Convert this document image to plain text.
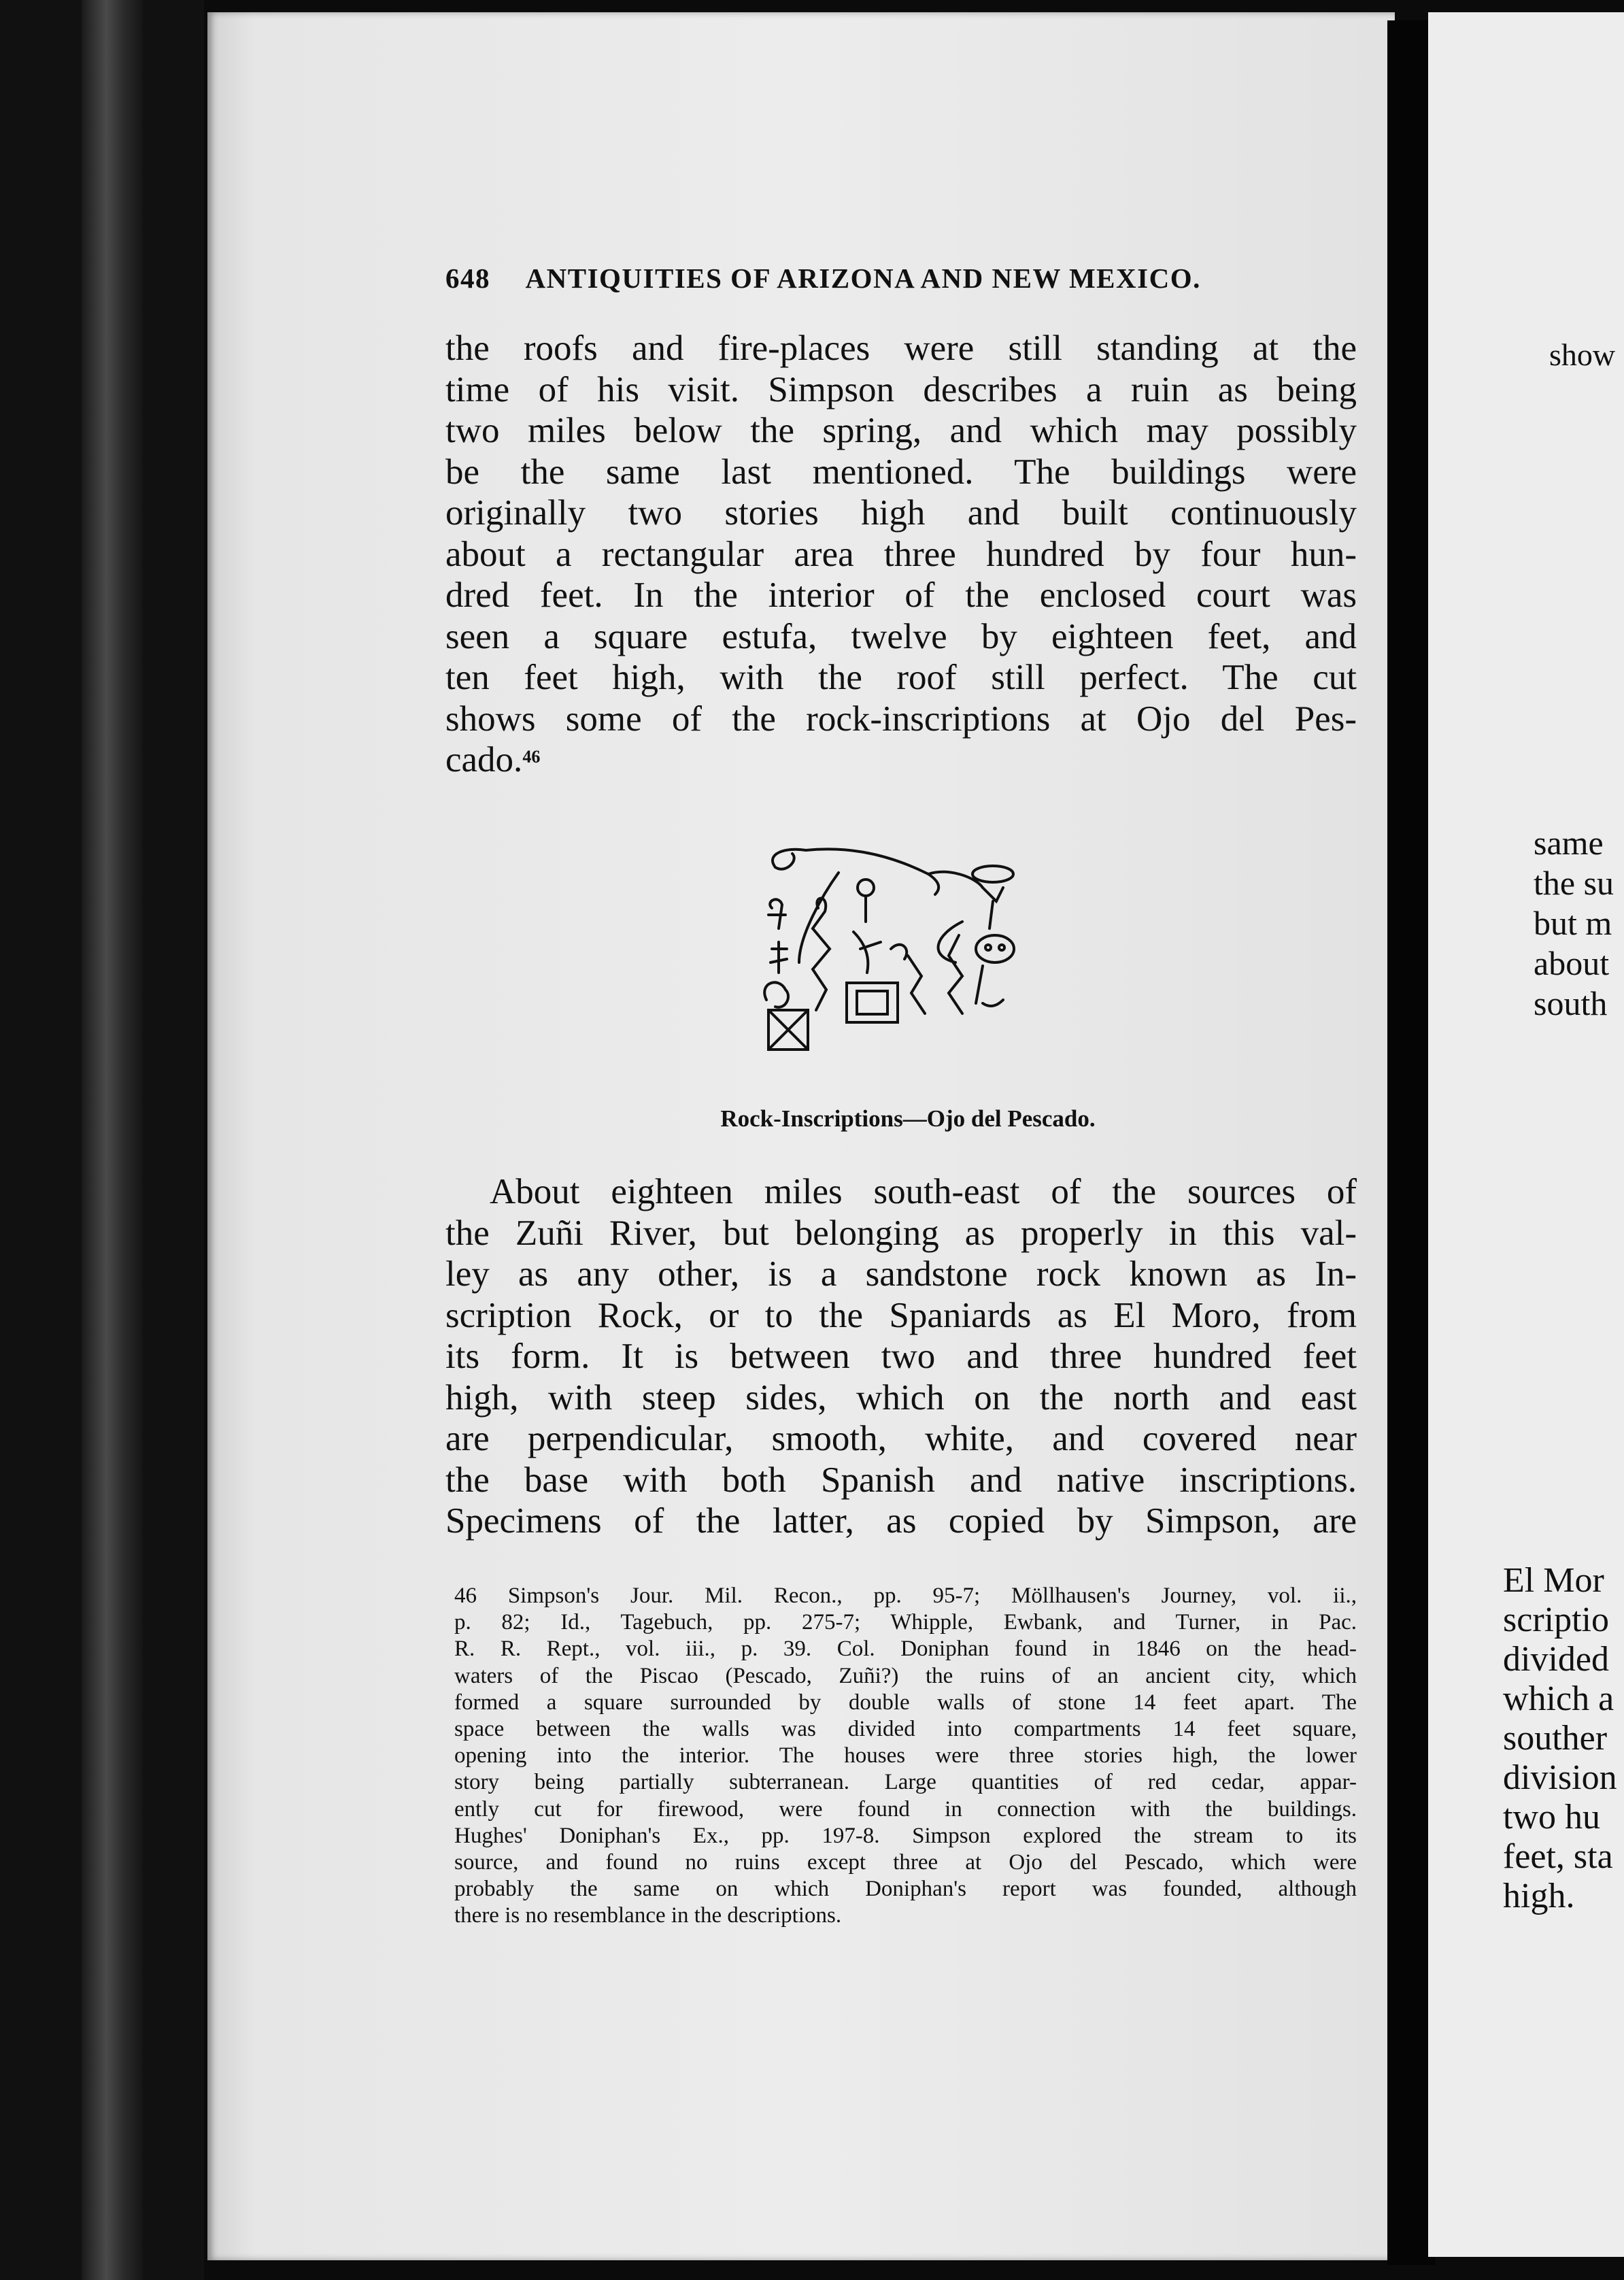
648 ANTIQUITIES OF ARIZONA AND NEW MEXICO.
the roofs and fire-places were still standing at the
time of his visit. Simpson describes a ruin as being
two miles below the spring, and which may possibly
be the same last mentioned. The buildings were
originally two stories high and built continuously
about a rectangular area three hundred by four hun-
dred feet. In the interior of the enclosed court was
seen a square estufa, twelve by eighteen feet, and
ten feet high, with the roof still perfect. The cut
shows some of the rock-inscriptions at Ojo del Pes-
cado.$^{46}$
Rock-Inscriptions—Ojo del Pescado.
About eighteen miles south-east of the sources of
the Zuñi River, but belonging as properly in this val-
ley as any other, is a sandstone rock known as In-
scription Rock, or to the Spaniards as El Moro, from
its form. It is between two and three hundred feet
high, with steep sides, which on the north and east
are perpendicular, smooth, white, and covered near
the base with both Spanish and native inscriptions.
Specimens of the latter, as copied by Simpson, are
46 Simpson's Jour. Mil. Recon., pp. 95-7; Möllhausen's Journey, vol. ii.,
p. 82; Id., Tagebuch, pp. 275-7; Whipple, Ewbank, and Turner, in Pac.
R. R. Rept., vol. iii., p. 39. Col. Doniphan found in 1846 on the head-
waters of the Piscao (Pescado, Zuñi?) the ruins of an ancient city, which
formed a square surrounded by double walls of stone 14 feet apart. The
space between the walls was divided into compartments 14 feet square,
opening into the interior. The houses were three stories high, the lower
story being partially subterranean. Large quantities of red cedar, appar-
ently cut for firewood, were found in connection with the buildings.
Hughes' Doniphan's Ex., pp. 197-8. Simpson explored the stream to its
source, and found no ruins except three at Ojo del Pescado, which were
probably the same on which Doniphan's report was founded, although
there is no resemblance in the descriptions.
show
same
the su
but m
about
south
El Mor
scriptio
divided
which a
souther
division
two hu
feet, sta
high.
